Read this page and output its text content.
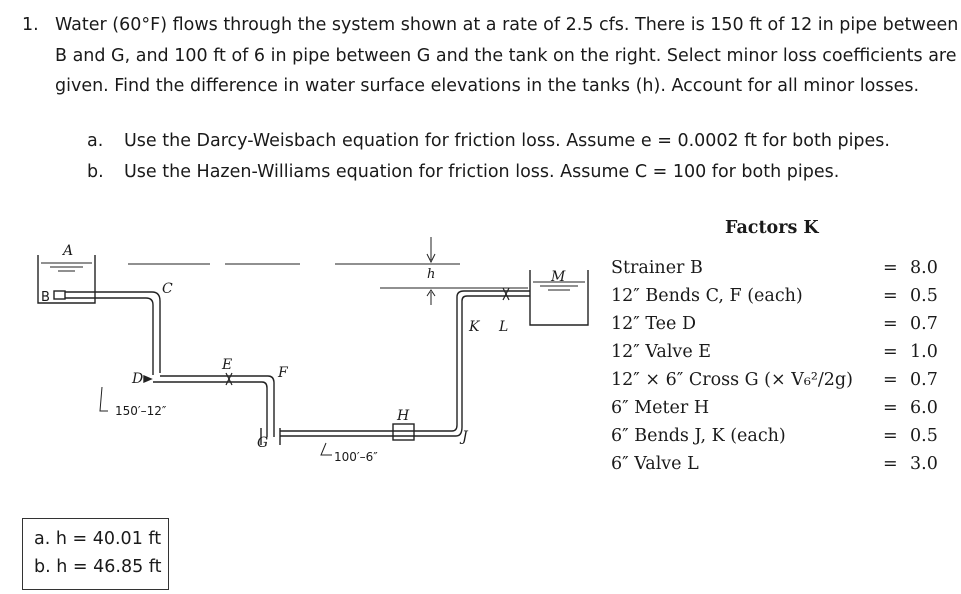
1. Water (60°F) flows through the system shown at a rate of 2.5 cfs. There is 150 ft of 12 in pipe between B and G, and 100 ft of 6 in pipe between G and the tank on the right. Select minor loss coefficients are given. Find the difference in water surface elevations in the tanks (h). Account for all minor losses.
a. Use the Darcy-Weisbach equation for friction loss. Assume e = 0.0002 ft for both pipes.
b. Use the Hazen-Williams equation for friction loss. Assume C = 100 for both pipes.
A
B
C
D
E	F
G
H
J
K L
M
h
150′–12″
100′–6″
Factors K
Strainer B	= 8.0
12″ Bends C, F (each)	= 0.5
12″ Tee D	= 0.7
12″ Valve E	= 1.0
12″ × 6″ Cross G (× V₆²/2g) = 0.7
6″ Meter H	= 6.0
6″ Bends J, K (each)	= 0.5
6″ Valve L	= 3.0
a. h = 40.01 ft
b. h = 46.85 ft
